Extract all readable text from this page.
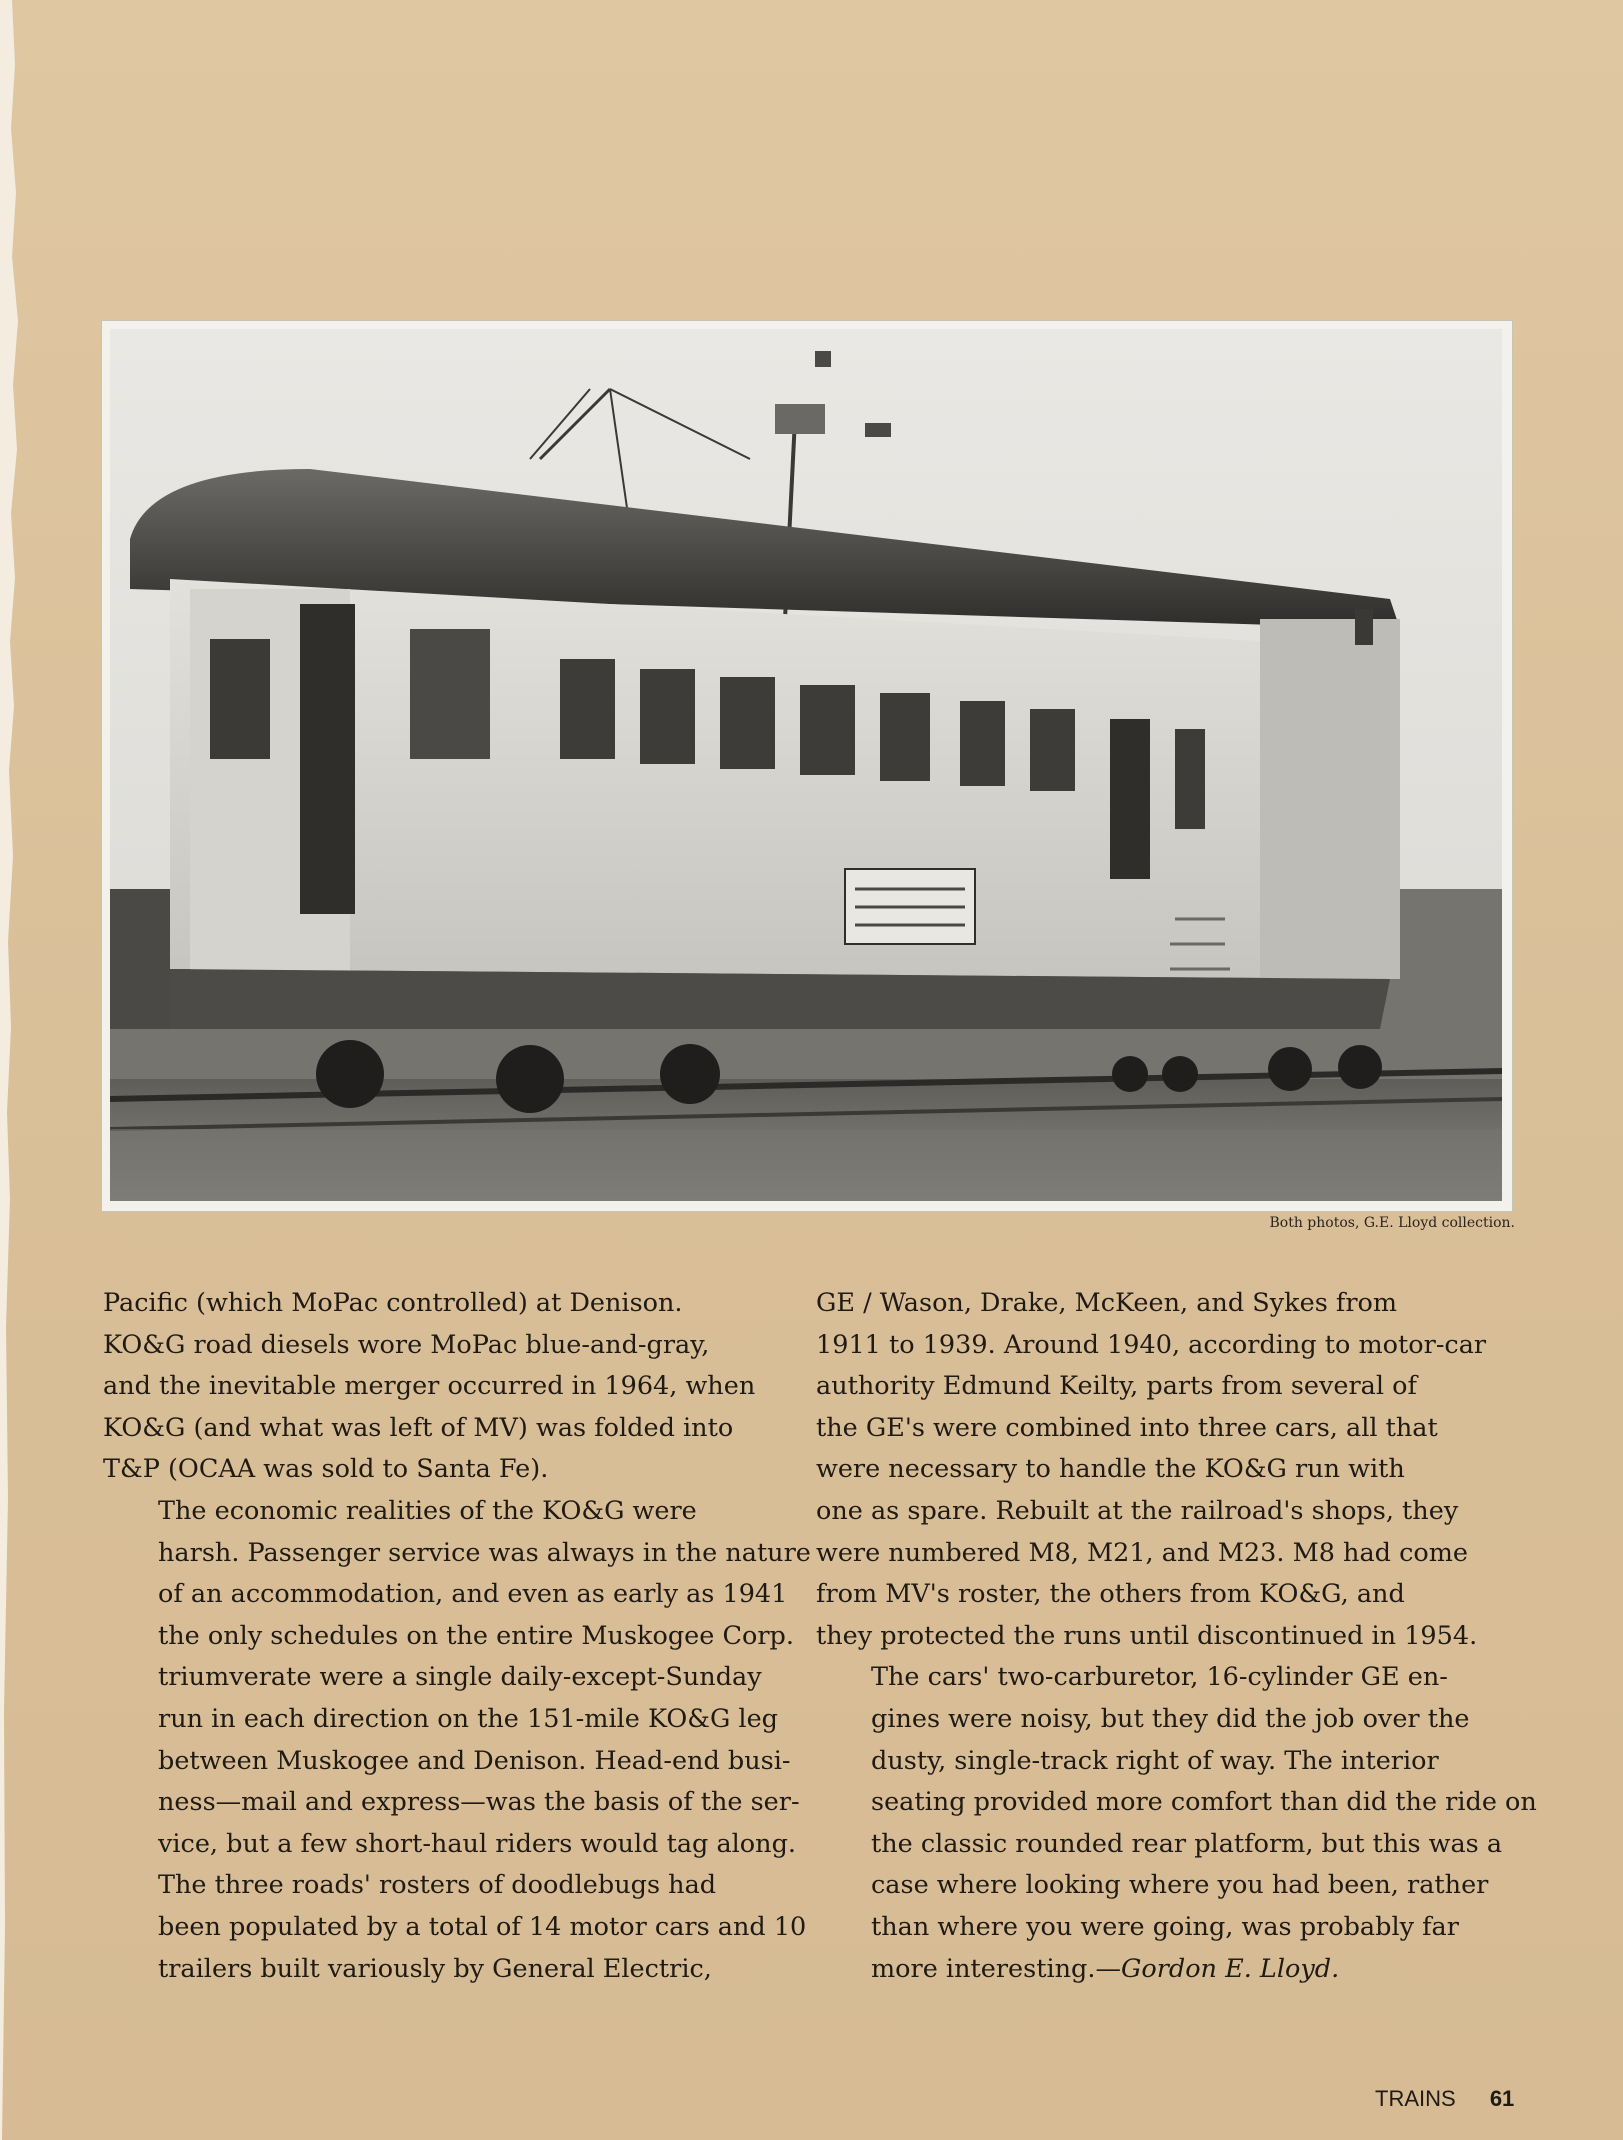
Both photos, G.E. Lloyd collection.

Pacific (which MoPac controlled) at Denison.
KO&G road diesels wore MoPac blue-and-gray,
and the inevitable merger occurred in 1964, when
KO&G (and what was left of MV) was folded into
T&P (OCAA was sold to Santa Fe).

The economic realities of the KO&G were
harsh. Passenger service was always in the nature
of an accommodation, and even as early as 1941
the only schedules on the entire Muskogee Corp.
triumverate were a single daily-except-Sunday
run in each direction on the 151-mile KO&G leg
between Muskogee and Denison. Head-end busi-
ness—mail and express—was the basis of the ser-
vice, but a few short-haul riders would tag along.

The three roads' rosters of doodlebugs had
been populated by a total of 14 motor cars and 10
trailers built variously by General Electric,

GE / Wason, Drake, McKeen, and Sykes from
1911 to 1939. Around 1940, according to motor-car
authority Edmund Keilty, parts from several of
the GE's were combined into three cars, all that
were necessary to handle the KO&G run with
one as spare. Rebuilt at the railroad's shops, they
were numbered M8, M21, and M23. M8 had come
from MV's roster, the others from KO&G, and
they protected the runs until discontinued in 1954.

The cars' two-carburetor, 16-cylinder GE en-
gines were noisy, but they did the job over the
dusty, single-track right of way. The interior
seating provided more comfort than did the ride on
the classic rounded rear platform, but this was a
case where looking where you had been, rather
than where you were going, was probably far
more interesting.—Gordon E. Lloyd.

TRAINS 61
